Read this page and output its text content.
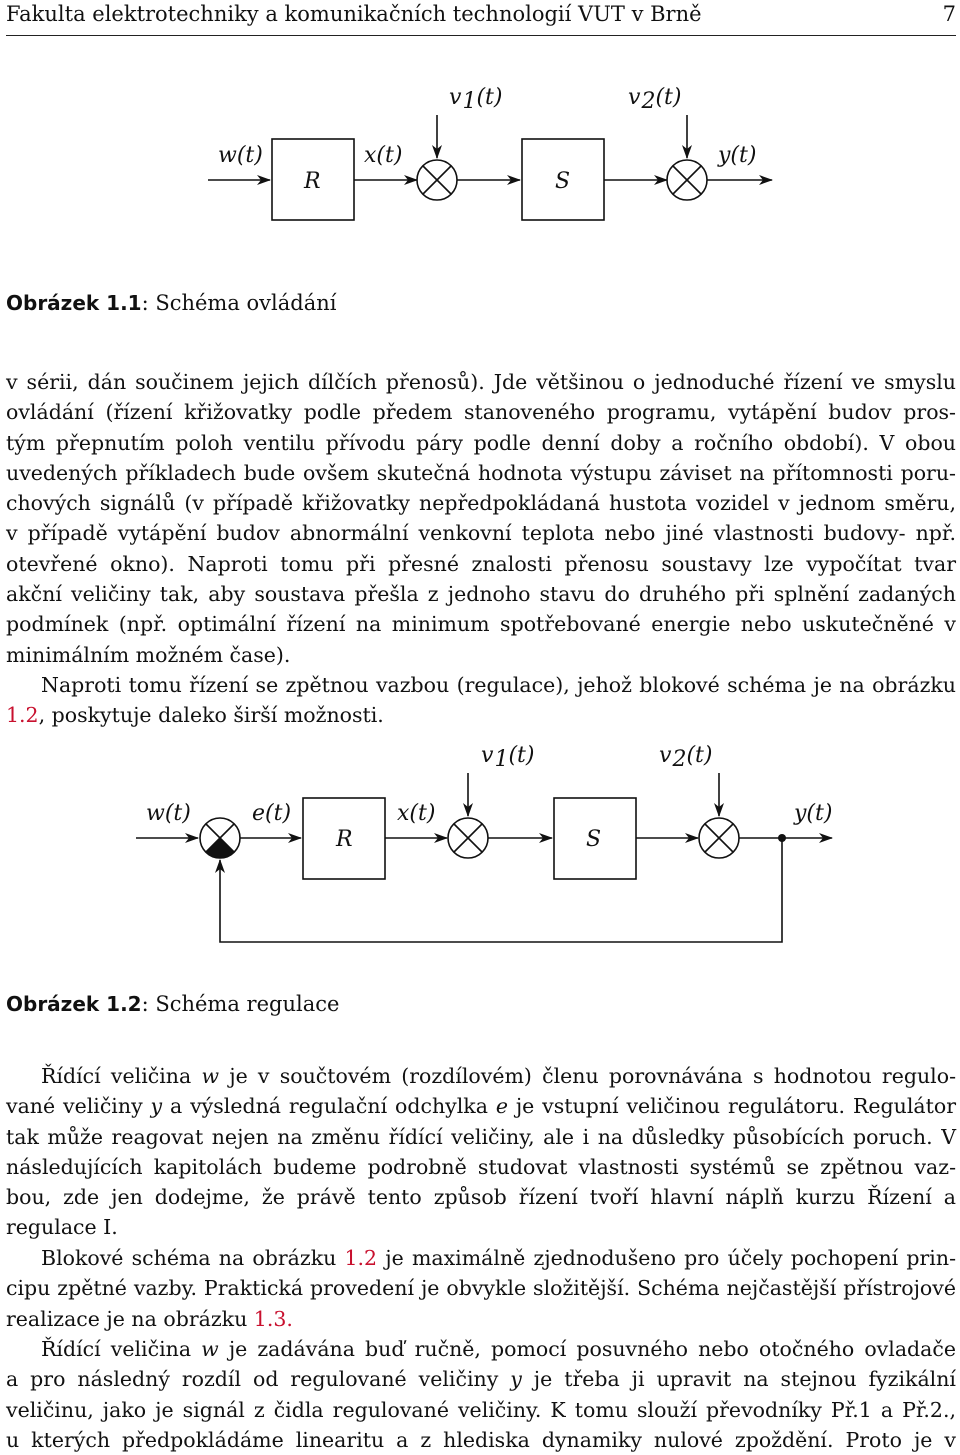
Fakulta elektrotechniky a komunikačních technologií VUT v Brně	7
w(t)
R
x(t)
v1(t)
S
v2(t)
y(t)
Obrázek 1.1: Schéma ovládání
v sérii, dán součinem jejich dílčích přenosů). Jde většinou o jednoduché řízení ve smyslu
ovládání (řízení křižovatky podle předem stanoveného programu, vytápění budov pros-
tým přepnutím poloh ventilu přívodu páry podle denní doby a ročního období). V obou
uvedených příkladech bude ovšem skutečná hodnota výstupu záviset na přítomnosti poru-
chových signálů (v případě křižovatky nepředpokládaná hustota vozidel v jednom směru,
v případě vytápění budov abnormální venkovní teplota nebo jiné vlastnosti budovy- npř.
otevřené okno). Naproti tomu při přesné znalosti přenosu soustavy lze vypočítat tvar
akční veličiny tak, aby soustava přešla z jednoho stavu do druhého při splnění zadaných
podmínek (npř. optimální řízení na minimum spotřebované energie nebo uskutečněné v
minimálním možném čase).
Naproti tomu řízení se zpětnou vazbou (regulace), jehož blokové schéma je na obrázku
1.2, poskytuje daleko širší možnosti.
w(t)	e(t)
R
x(t)
v1(t)
S
v2(t)
y(t)
Obrázek 1.2: Schéma regulace
Řídící veličina w je v součtovém (rozdílovém) členu porovnávána s hodnotou regulo-
vané veličiny y a výsledná regulační odchylka e je vstupní veličinou regulátoru. Regulátor
tak může reagovat nejen na změnu řídící veličiny, ale i na důsledky působících poruch. V
následujících kapitolách budeme podrobně studovat vlastnosti systémů se zpětnou vaz-
bou, zde jen dodejme, že právě tento způsob řízení tvoří hlavní náplň kurzu Řízení a
regulace I.
Blokové schéma na obrázku 1.2 je maximálně zjednodušeno pro účely pochopení prin-
cipu zpětné vazby. Praktická provedení je obvykle složitější. Schéma nejčastější přístrojové
realizace je na obrázku 1.3.
Řídící veličina w je zadávána buď ručně, pomocí posuvného nebo otočného ovladače
a pro následný rozdíl od regulované veličiny y je třeba ji upravit na stejnou fyzikální
veličinu, jako je signál z čidla regulované veličiny. K tomu slouží převodníky Př.1 a Př.2.,
u kterých předpokládáme linearitu a z hlediska dynamiky nulové zpoždění. Proto je v
